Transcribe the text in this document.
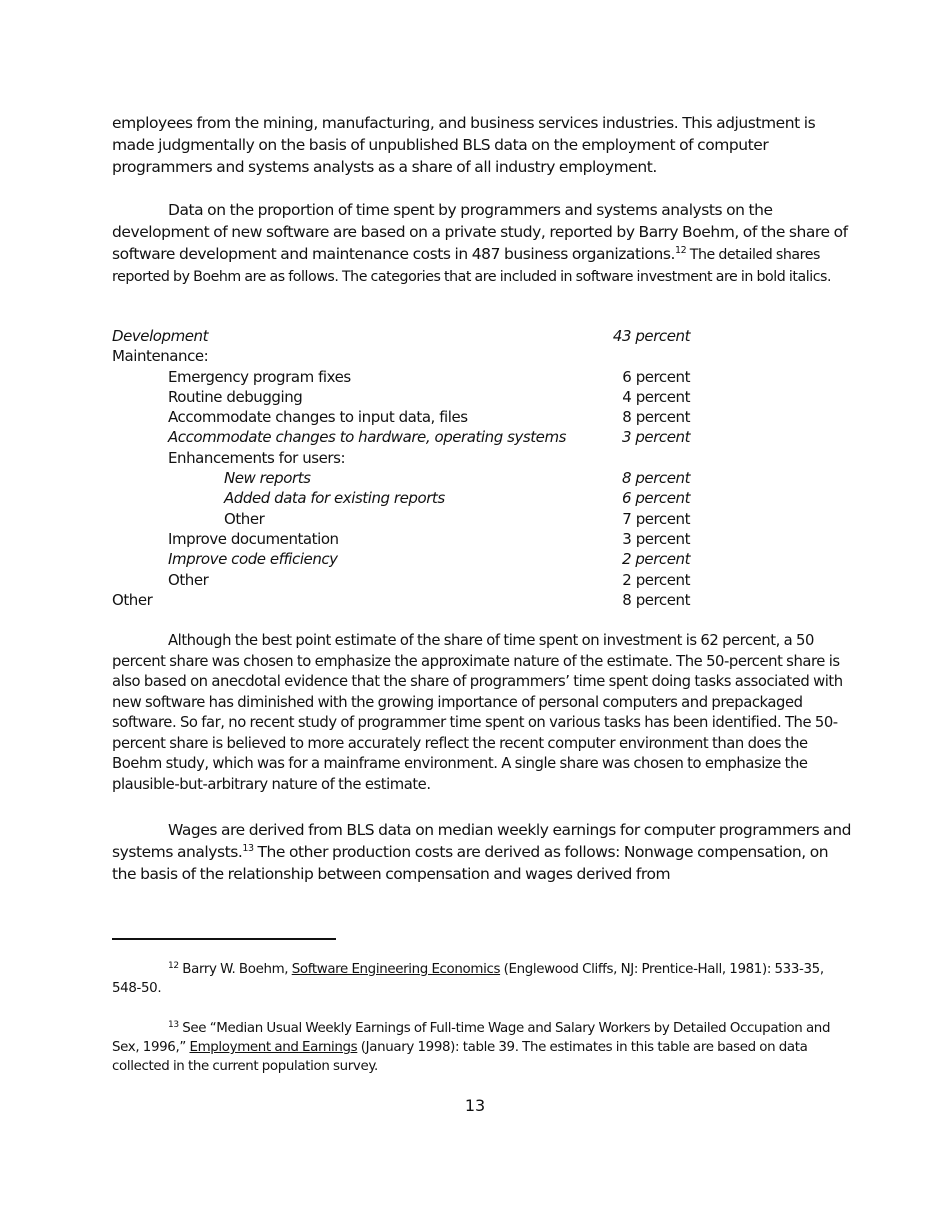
employees from the mining, manufacturing, and business services industries. This adjustment is made judgmentally on the basis of unpublished BLS data on the employment of computer programmers and systems analysts as a share of all industry employment.

Data on the proportion of time spent by programmers and systems analysts on the development of new software are based on a private study, reported by Barry Boehm, of the share of software development and maintenance costs in 487 business organizations.$^{12}$ The detailed shares reported by Boehm are as follows. The categories that are included in software investment are in bold italics.

Development	43 percent
Maintenance:
Emergency program fixes	6 percent
Routine debugging	4 percent
Accommodate changes to input data, files	8 percent
Accommodate changes to hardware, operating systems	3 percent
Enhancements for users:
New reports	8 percent
Added data for existing reports	6 percent
Other	7 percent
Improve documentation	3 percent
Improve code efficiency	2 percent
Other	2 percent
Other	8 percent

Although the best point estimate of the share of time spent on investment is 62 percent, a 50 percent share was chosen to emphasize the approximate nature of the estimate. The 50-percent share is also based on anecdotal evidence that the share of programmers’ time spent doing tasks associated with new software has diminished with the growing importance of personal computers and prepackaged software. So far, no recent study of programmer time spent on various tasks has been identified. The 50-percent share is believed to more accurately reflect the recent computer environment than does the Boehm study, which was for a mainframe environment. A single share was chosen to emphasize the plausible-but-arbitrary nature of the estimate.

Wages are derived from BLS data on median weekly earnings for computer programmers and systems analysts.$^{13}$ The other production costs are derived as follows: Nonwage compensation, on the basis of the relationship between compensation and wages derived from

$^{12}$ Barry W. Boehm, Software Engineering Economics (Englewood Cliffs, NJ: Prentice-Hall, 1981): 533-35, 548-50.

$^{13}$ See “Median Usual Weekly Earnings of Full-time Wage and Salary Workers by Detailed Occupation and Sex, 1996,” Employment and Earnings (January 1998): table 39. The estimates in this table are based on data collected in the current population survey.

13
